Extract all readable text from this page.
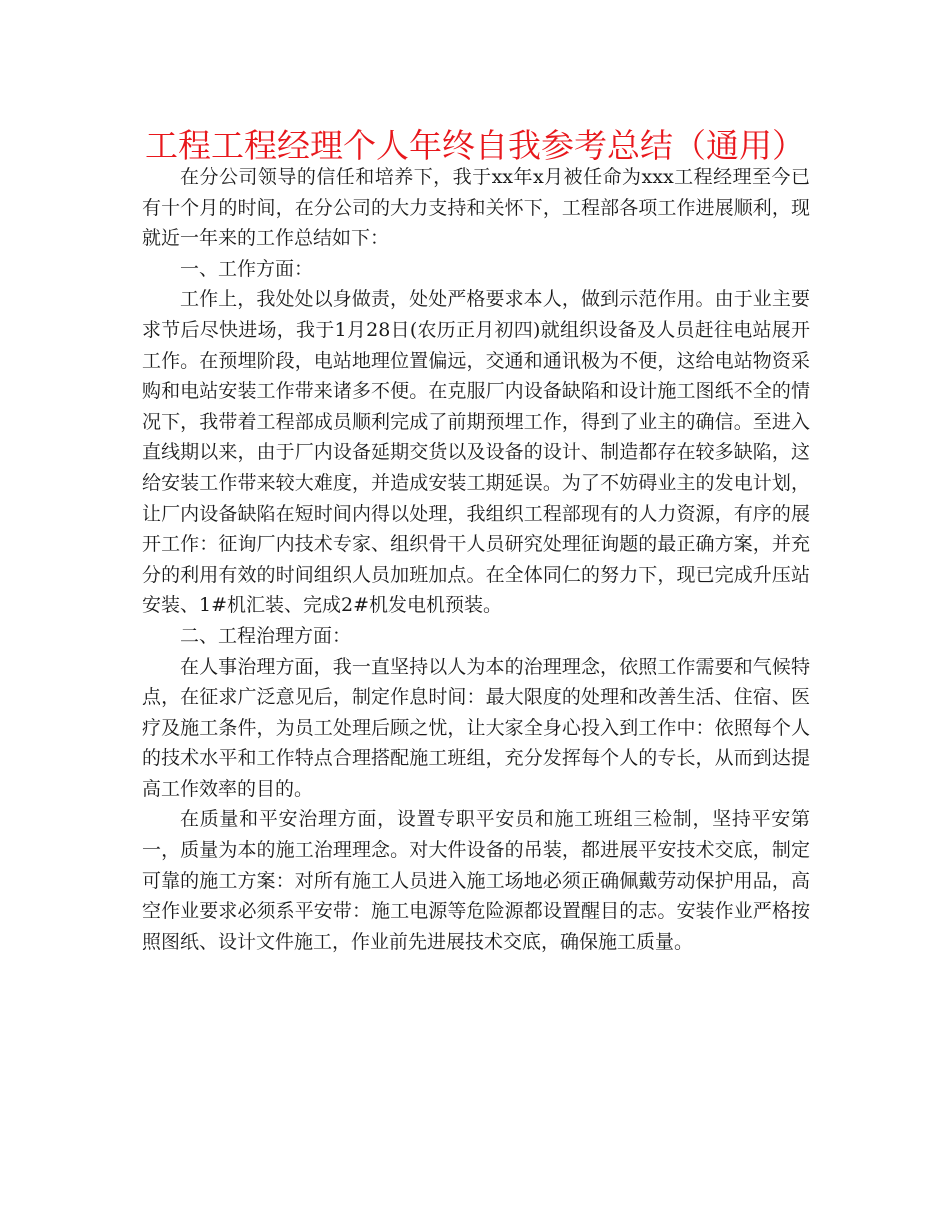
工程工程经理个人年终自我参考总结（通用）

在分公司领导的信任和培养下，我于xx年x月被任命为xxx工程经理至今已有十个月的时间，在分公司的大力支持和关怀下，工程部各项工作进展顺利，现就近一年来的工作总结如下：

一、工作方面：

工作上，我处处以身做责，处处严格要求本人，做到示范作用。由于业主要求节后尽快进场，我于1月28日(农历正月初四)就组织设备及人员赶往电站展开工作。在预埋阶段，电站地理位置偏远，交通和通讯极为不便，这给电站物资采购和电站安装工作带来诸多不便。在克服厂内设备缺陷和设计施工图纸不全的情况下，我带着工程部成员顺利完成了前期预埋工作，得到了业主的确信。至进入直线期以来，由于厂内设备延期交货以及设备的设计、制造都存在较多缺陷，这给安装工作带来较大难度，并造成安装工期延误。为了不妨碍业主的发电计划，让厂内设备缺陷在短时间内得以处理，我组织工程部现有的人力资源，有序的展开工作：征询厂内技术专家、组织骨干人员研究处理征询题的最正确方案，并充分的利用有效的时间组织人员加班加点。在全体同仁的努力下，现已完成升压站安装、1#机汇装、完成2#机发电机预装。

二、工程治理方面：

在人事治理方面，我一直坚持以人为本的治理理念，依照工作需要和气候特点，在征求广泛意见后，制定作息时间：最大限度的处理和改善生活、住宿、医疗及施工条件，为员工处理后顾之忧，让大家全身心投入到工作中：依照每个人的技术水平和工作特点合理搭配施工班组，充分发挥每个人的专长，从而到达提高工作效率的目的。

在质量和平安治理方面，设置专职平安员和施工班组三检制，坚持平安第一，质量为本的施工治理理念。对大件设备的吊装，都进展平安技术交底，制定可靠的施工方案：对所有施工人员进入施工场地必须正确佩戴劳动保护用品，高空作业要求必须系平安带：施工电源等危险源都设置醒目的志。安装作业严格按照图纸、设计文件施工，作业前先进展技术交底，确保施工质量。
